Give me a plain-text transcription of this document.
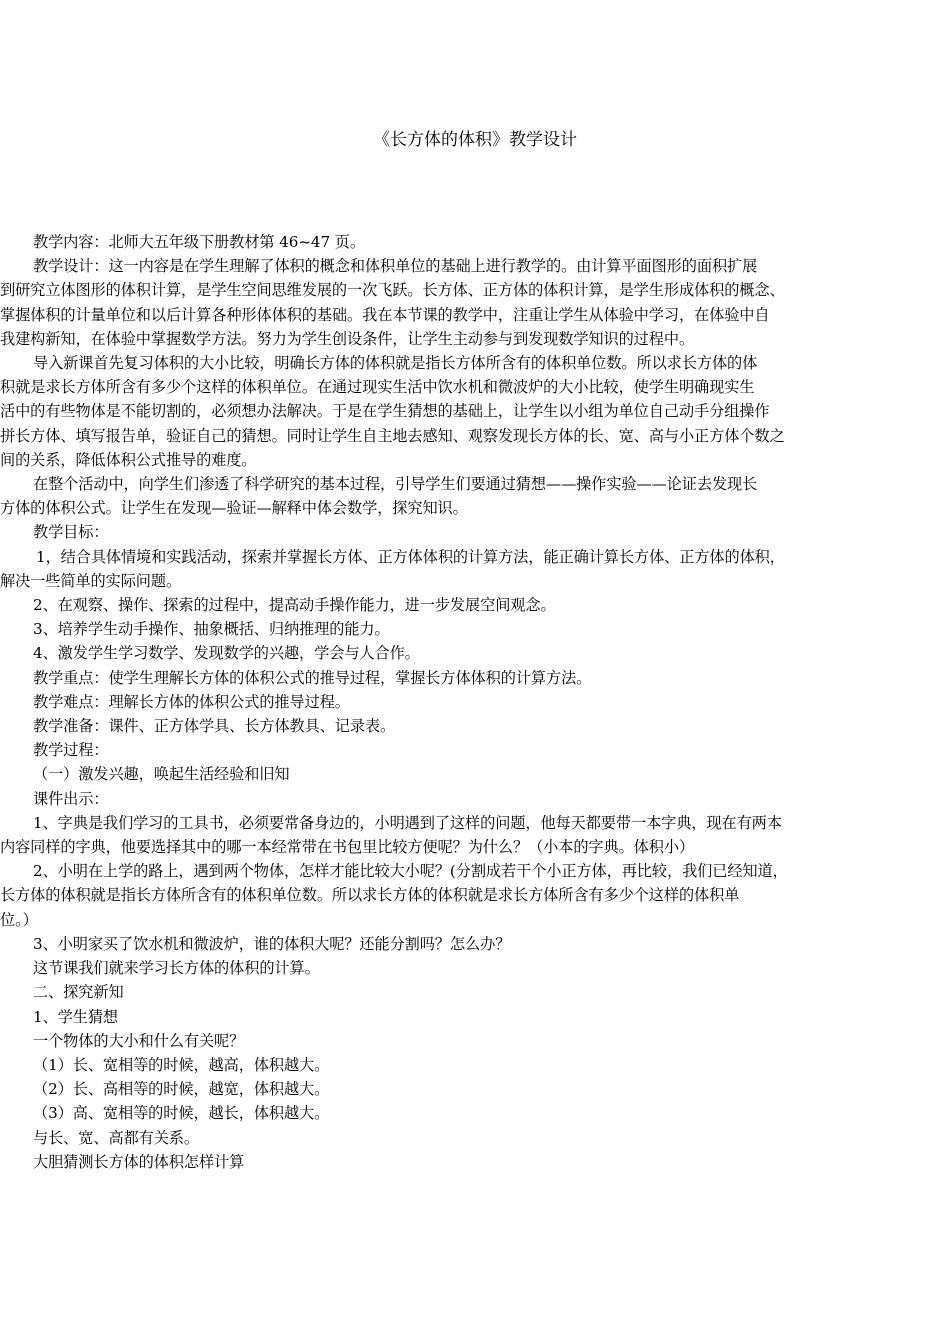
《长方体的体积》教学设计

教学内容：北师大五年级下册教材第 46~47 页。

教学设计：这一内容是在学生理解了体积的概念和体积单位的基础上进行教学的。由计算平面图形的面积扩展

到研究立体图形的体积计算，是学生空间思维发展的一次飞跃。长方体、正方体的体积计算，是学生形成体积的概念、

掌握体积的计量单位和以后计算各种形体体积的基础。我在本节课的教学中，注重让学生从体验中学习，在体验中自

我建构新知，在体验中掌握数学方法。努力为学生创设条件，让学生主动参与到发现数学知识的过程中。

导入新课首先复习体积的大小比较，明确长方体的体积就是指长方体所含有的体积单位数。所以求长方体的体

积就是求长方体所含有多少个这样的体积单位。在通过现实生活中饮水机和微波炉的大小比较，使学生明确现实生

活中的有些物体是不能切割的，必须想办法解决。于是在学生猜想的基础上，让学生以小组为单位自己动手分组操作

拼长方体、填写报告单，验证自己的猜想。同时让学生自主地去感知、观察发现长方体的长、宽、高与小正方体个数之

间的关系，降低体积公式推导的难度。

在整个活动中，向学生们渗透了科学研究的基本过程，引导学生们要通过猜想——操作实验——论证去发现长

方体的体积公式。让学生在发现—验证—解释中体会数学，探究知识。

教学目标：

1，结合具体情境和实践活动，探索并掌握长方体、正方体体积的计算方法，能正确计算长方体、正方体的体积，

解决一些简单的实际问题。

2、在观察、操作、探索的过程中，提高动手操作能力，进一步发展空间观念。

3、培养学生动手操作、抽象概括、归纳推理的能力。

4、激发学生学习数学、发现数学的兴趣，学会与人合作。

教学重点：使学生理解长方体的体积公式的推导过程，掌握长方体体积的计算方法。

教学难点：理解长方体的体积公式的推导过程。

教学准备：课件、正方体学具、长方体教具、记录表。

教学过程：

（一）激发兴趣，唤起生活经验和旧知

课件出示：

1、字典是我们学习的工具书，必须要常备身边的，小明遇到了这样的问题，他每天都要带一本字典，现在有两本

内容同样的字典，他要选择其中的哪一本经常带在书包里比较方便呢？为什么？（小本的字典。体积小）

2、小明在上学的路上，遇到两个物体，怎样才能比较大小呢？(分割成若干个小正方体，再比较，我们已经知道，

长方体的体积就是指长方体所含有的体积单位数。所以求长方体的体积就是求长方体所含有多少个这样的体积单

位。）

3、小明家买了饮水机和微波炉，谁的体积大呢？还能分割吗？怎么办？

这节课我们就来学习长方体的体积的计算。

二、探究新知

1、学生猜想

一个物体的大小和什么有关呢？

（1）长、宽相等的时候，越高，体积越大。

（2）长、高相等的时候，越宽，体积越大。

（3）高、宽相等的时候，越长，体积越大。

与长、宽、高都有关系。

大胆猜测长方体的体积怎样计算
